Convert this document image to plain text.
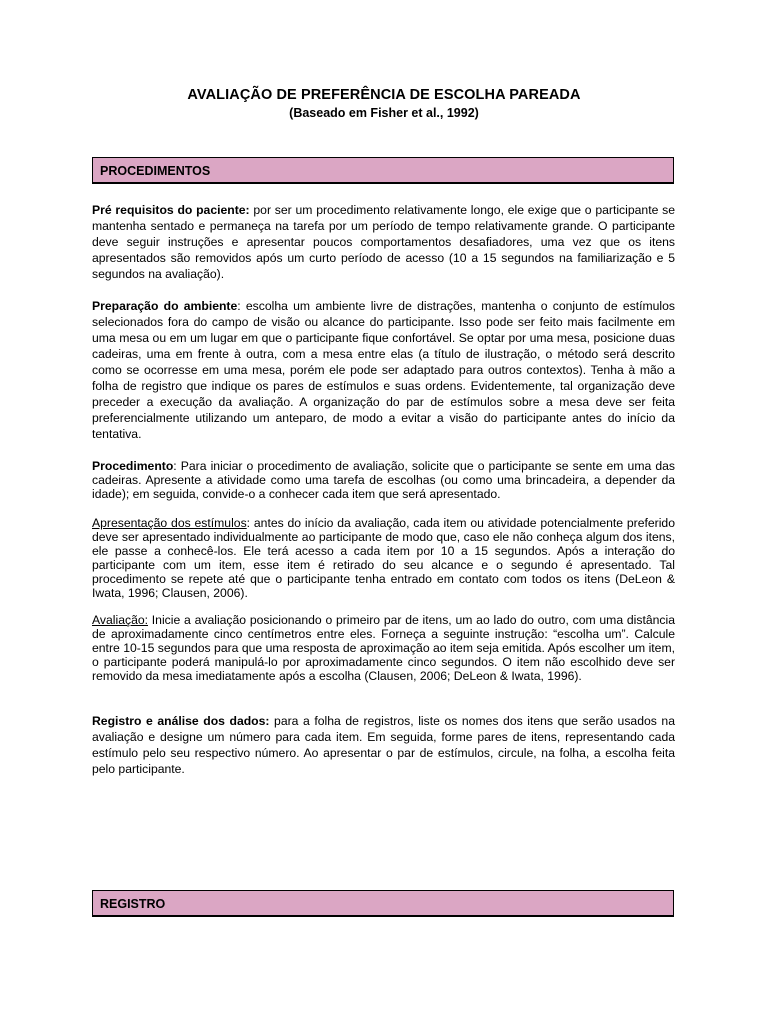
AVALIAÇÃO DE PREFERÊNCIA DE ESCOLHA PAREADA
(Baseado em Fisher et al., 1992)
PROCEDIMENTOS
Pré requisitos do paciente: por ser um procedimento relativamente longo, ele exige que o participante se mantenha sentado e permaneça na tarefa por um período de tempo relativamente grande. O participante deve seguir instruções e apresentar poucos comportamentos desafiadores, uma vez que os itens apresentados são removidos após um curto período de acesso (10 a 15 segundos na familiarização e 5 segundos na avaliação).
Preparação do ambiente: escolha um ambiente livre de distrações, mantenha o conjunto de estímulos selecionados fora do campo de visão ou alcance do participante. Isso pode ser feito mais facilmente em uma mesa ou em um lugar em que o participante fique confortável. Se optar por uma mesa, posicione duas cadeiras, uma em frente à outra, com a mesa entre elas (a título de ilustração, o método será descrito como se ocorresse em uma mesa, porém ele pode ser adaptado para outros contextos). Tenha à mão a folha de registro que indique os pares de estímulos e suas ordens. Evidentemente, tal organização deve preceder a execução da avaliação. A organização do par de estímulos sobre a mesa deve ser feita preferencialmente utilizando um anteparo, de modo a evitar a visão do participante antes do início da tentativa.
Procedimento: Para iniciar o procedimento de avaliação, solicite que o participante se sente em uma das cadeiras. Apresente a atividade como uma tarefa de escolhas (ou como uma brincadeira, a depender da idade); em seguida, convide-o a conhecer cada item que será apresentado.
Apresentação dos estímulos: antes do início da avaliação, cada item ou atividade potencialmente preferido deve ser apresentado individualmente ao participante de modo que, caso ele não conheça algum dos itens, ele passe a conhecê-los. Ele terá acesso a cada item por 10 a 15 segundos. Após a interação do participante com um item, esse item é retirado do seu alcance e o segundo é apresentado. Tal procedimento se repete até que o participante tenha entrado em contato com todos os itens (DeLeon & Iwata, 1996; Clausen, 2006).
Avaliação: Inicie a avaliação posicionando o primeiro par de itens, um ao lado do outro, com uma distância de aproximadamente cinco centímetros entre eles. Forneça a seguinte instrução: “escolha um”. Calcule entre 10-15 segundos para que uma resposta de aproximação ao item seja emitida. Após escolher um item, o participante poderá manipulá-lo por aproximadamente cinco segundos. O item não escolhido deve ser removido da mesa imediatamente após a escolha (Clausen, 2006; DeLeon & Iwata, 1996).
Registro e análise dos dados: para a folha de registros, liste os nomes dos itens que serão usados na avaliação e designe um número para cada item. Em seguida, forme pares de itens, representando cada estímulo pelo seu respectivo número. Ao apresentar o par de estímulos, circule, na folha, a escolha feita pelo participante.
REGISTRO
